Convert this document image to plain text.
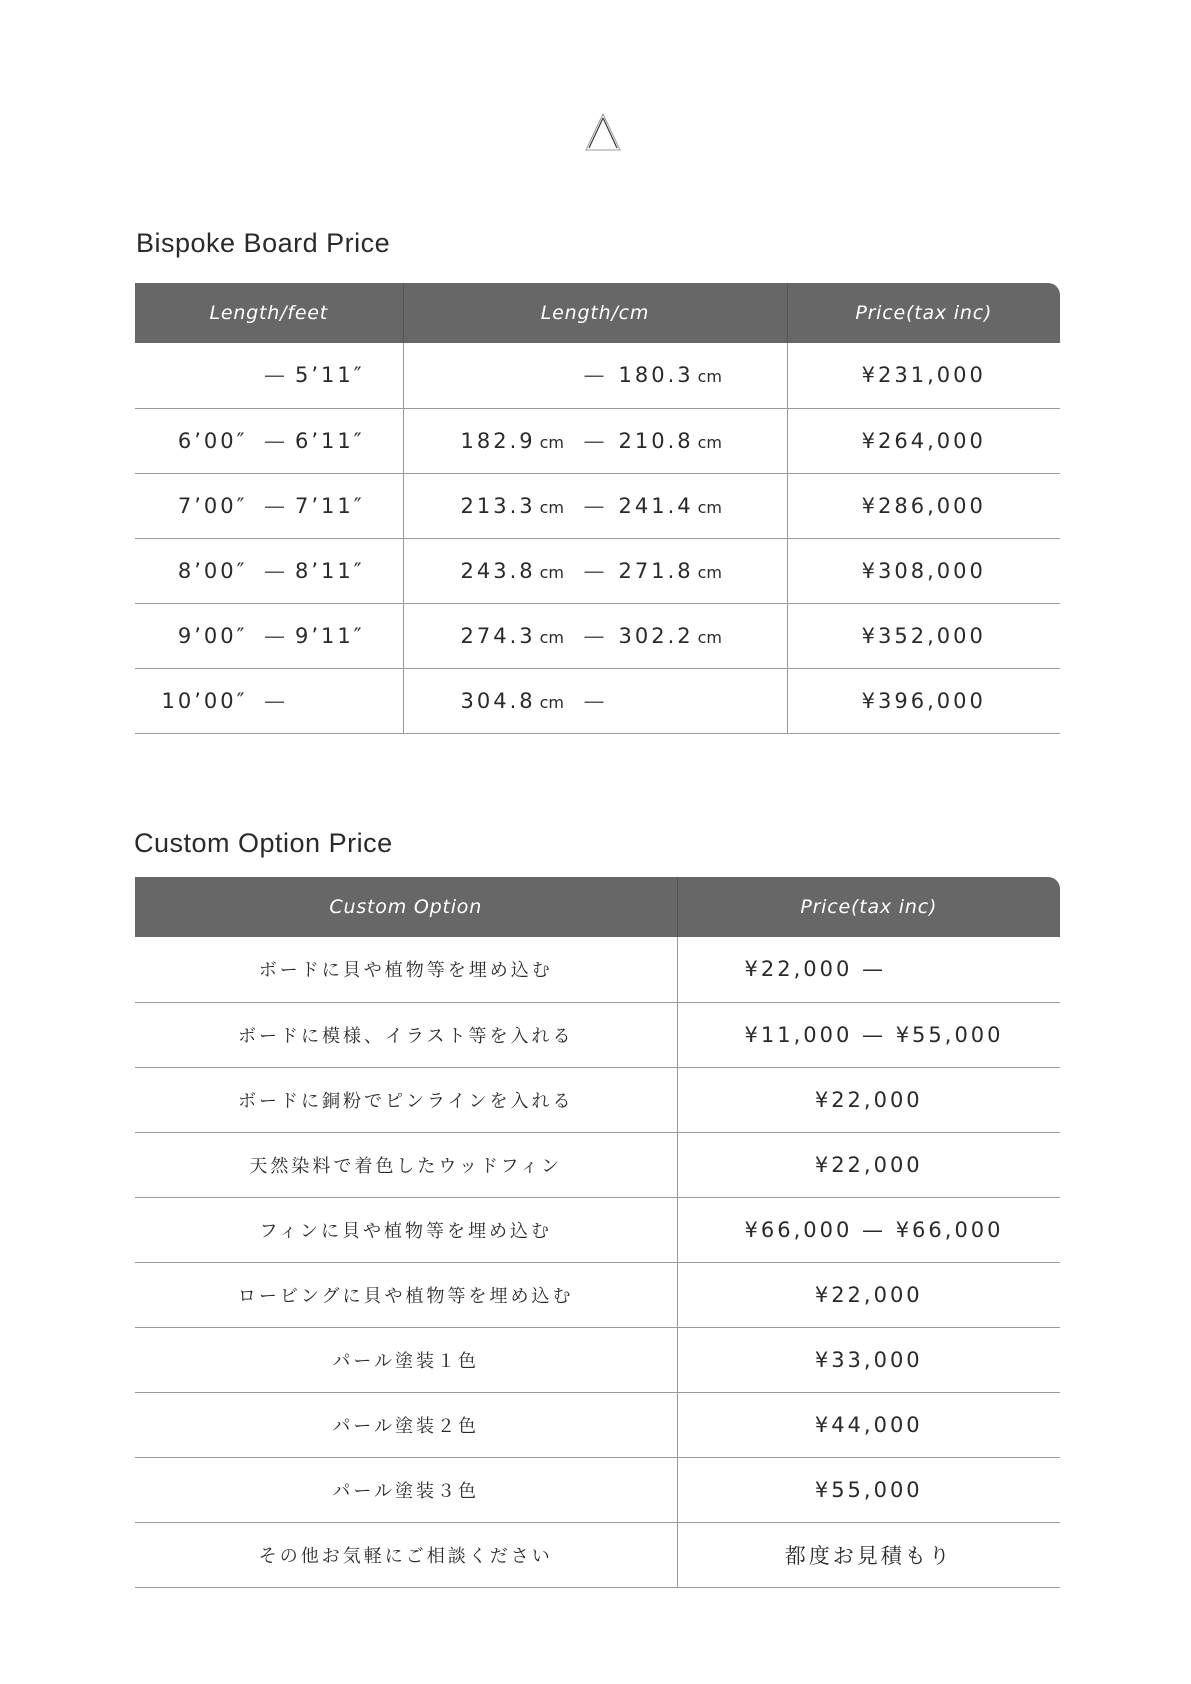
Bispoke Board Price
Length/feet	Length/cm	Price(tax inc)

— 5’11″	— 180.3 cm	¥231,000

6’00″ — 6’11″	182.9 cm — 210.8 cm	¥264,000

7’00″ — 7’11″	213.3 cm — 241.4 cm	¥286,000

8’00″ — 8’11″	243.8 cm — 271.8 cm	¥308,000

9’00″ — 9’11″	274.3 cm — 302.2 cm	¥352,000

10’00″ —	304.8 cm —	¥396,000
Custom Option Price
Custom Option	Price(tax inc)
ボードに貝や植物等を埋め込む	¥22,000 —
ボードに模様、イラスト等を入れる	¥11,000 — ¥55,000
ボードに銅粉でピンラインを入れる	¥22,000
天然染料で着色したウッドフィン	¥22,000
フィンに貝や植物等を埋め込む	¥66,000 — ¥66,000
ロービングに貝や植物等を埋め込む	¥22,000
パール塗装１色	¥33,000
パール塗装２色	¥44,000
パール塗装３色	¥55,000
その他お気軽にご相談ください	都度お見積もり
